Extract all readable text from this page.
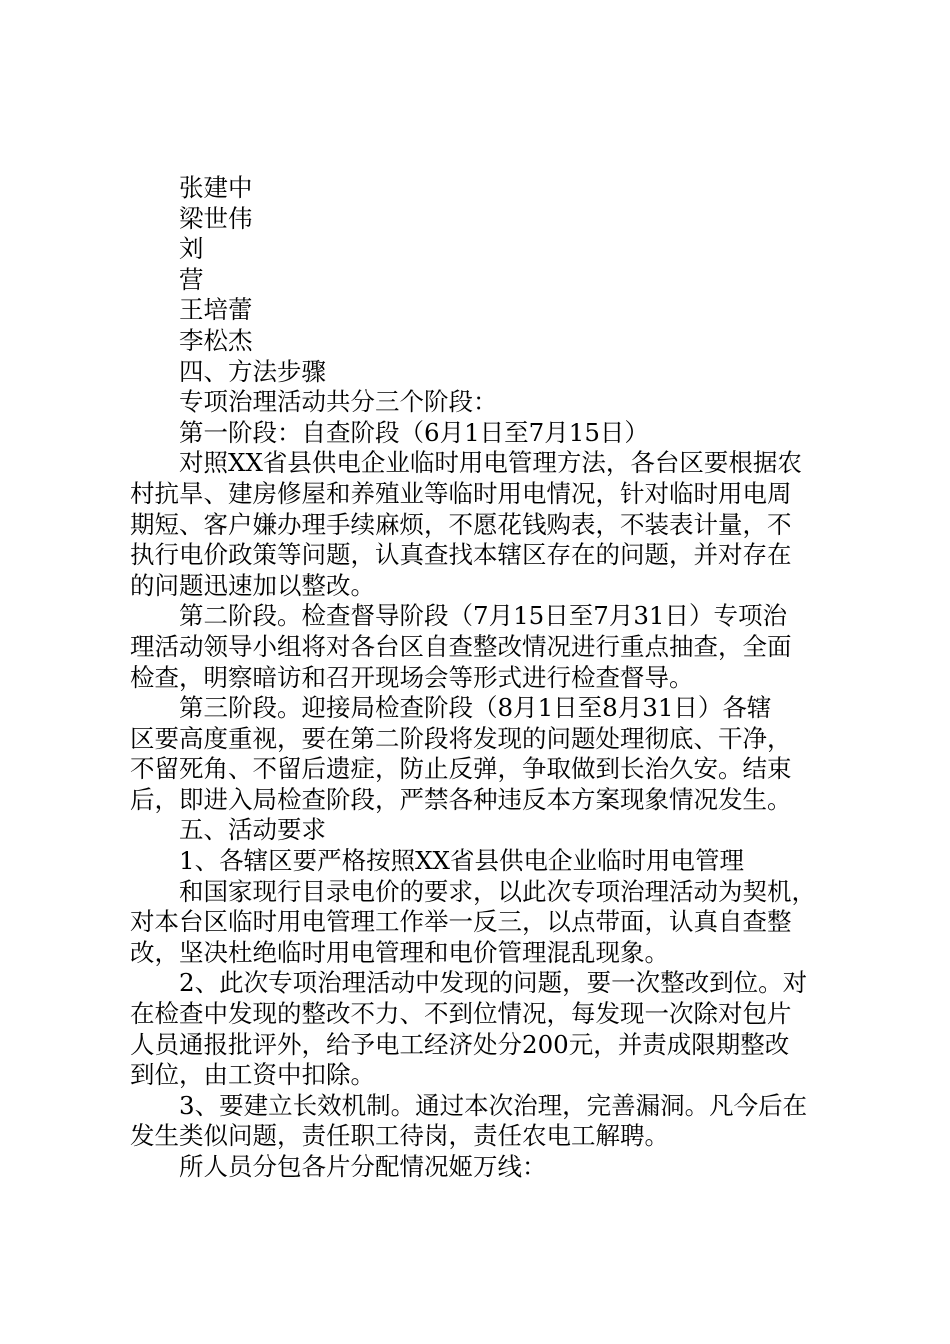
张建中

梁世伟

刘

营

王培蕾

李松杰

四、方法步骤

专项治理活动共分三个阶段：

第一阶段：自查阶段（6月1日至7月15日）

对照XX省县供电企业临时用电管理方法，各台区要根据农

村抗旱、建房修屋和养殖业等临时用电情况，针对临时用电周

期短、客户嫌办理手续麻烦，不愿花钱购表，不装表计量，不

执行电价政策等问题，认真查找本辖区存在的问题，并对存在

的问题迅速加以整改。

第二阶段。检查督导阶段（7月15日至7月31日）专项治

理活动领导小组将对各台区自查整改情况进行重点抽查，全面

检查，明察暗访和召开现场会等形式进行检查督导。

第三阶段。迎接局检查阶段（8月1日至8月31日）各辖

区要高度重视，要在第二阶段将发现的问题处理彻底、干净，

不留死角、不留后遗症，防止反弹，争取做到长治久安。结束

后，即进入局检查阶段，严禁各种违反本方案现象情况发生。

五、活动要求

1、各辖区要严格按照XX省县供电企业临时用电管理

和国家现行目录电价的要求，以此次专项治理活动为契机，

对本台区临时用电管理工作举一反三，以点带面，认真自查整

改，坚决杜绝临时用电管理和电价管理混乱现象。

2、此次专项治理活动中发现的问题，要一次整改到位。对

在检查中发现的整改不力、不到位情况，每发现一次除对包片

人员通报批评外，给予电工经济处分200元，并责成限期整改

到位，由工资中扣除。

3、要建立长效机制。通过本次治理，完善漏洞。凡今后在

发生类似问题，责任职工待岗，责任农电工解聘。

所人员分包各片分配情况姬万线：
